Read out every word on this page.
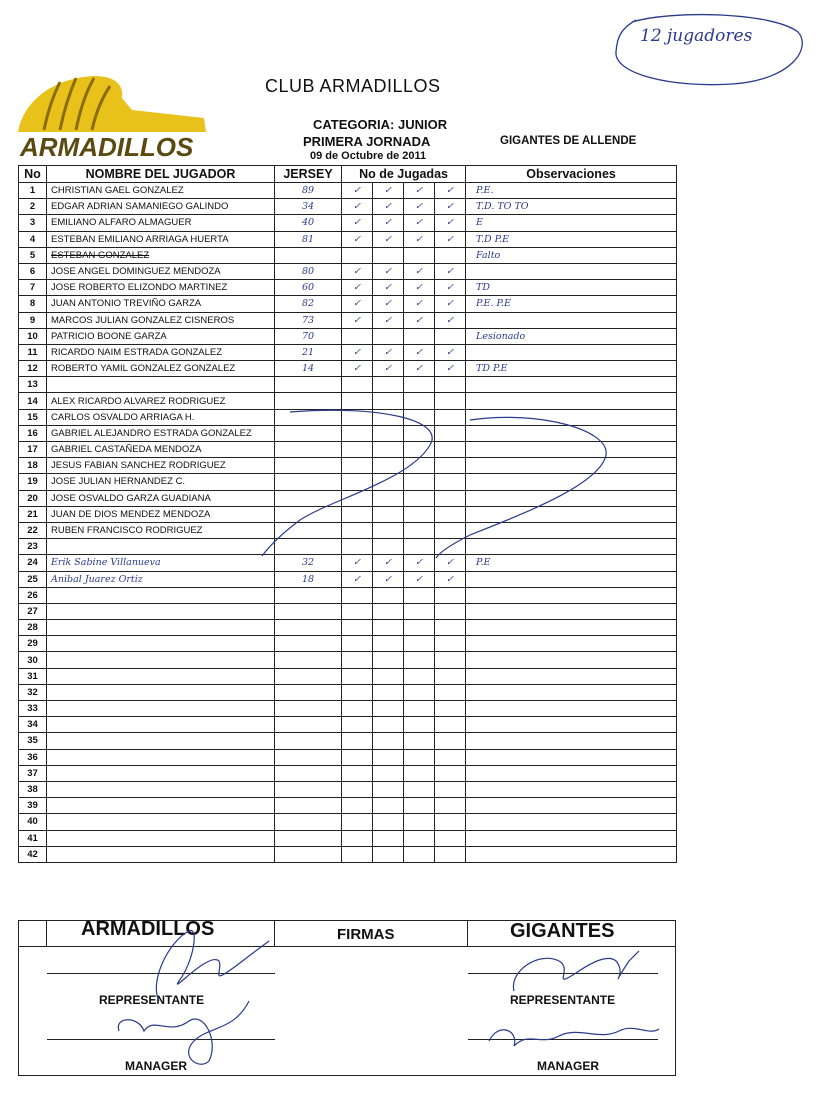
12 jugadores
ARMADILLOS
CLUB ARMADILLOS
CATEGORIA: JUNIOR
PRIMERA JORNADA	GIGANTES DE ALLENDE
09 de Octubre de 2011
No	NOMBRE DEL JUGADOR	JERSEY	No de Jugadas				Observaciones
1	CHRISTIAN GAEL GONZALEZ	89	✓	✓	✓	✓	P.E.
2	EDGAR ADRIAN SAMANIEGO GALINDO	34	✓	✓	✓	✓	T.D. TO TO
3	EMILIANO ALFARO ALMAGUER	40	✓	✓	✓	✓	E
4	ESTEBAN EMILIANO ARRIAGA HUERTA	81	✓	✓	✓	✓	T.D P.E
5	ESTEBAN GONZALEZ						Falto
6	JOSE ANGEL DOMINGUEZ MENDOZA	80	✓	✓	✓	✓	
7	JOSE ROBERTO ELIZONDO MARTINEZ	60	✓	✓	✓	✓	TD
8	JUAN ANTONIO TREVIÑO GARZA	82	✓	✓	✓	✓	P.E. P.E
9	MARCOS JULIAN GONZALEZ CISNEROS	73	✓	✓	✓	✓	
10	PATRICIO BOONE GARZA	70					Lesionado
11	RICARDO NAIM ESTRADA GONZALEZ	21	✓	✓	✓	✓	
12	ROBERTO YAMIL GONZALEZ GONZALEZ	14	✓	✓	✓	✓	TD P.E
13							
14	ALEX RICARDO ALVAREZ RODRIGUEZ						
15	CARLOS OSVALDO ARRIAGA H.						
16	GABRIEL ALEJANDRO ESTRADA GONZALEZ						
17	GABRIEL CASTAÑEDA MENDOZA						
18	JESUS FABIAN SANCHEZ RODRIGUEZ						
19	JOSE JULIAN HERNANDEZ C.						
20	JOSE OSVALDO GARZA GUADIANA						
21	JUAN DE DIOS MENDEZ MENDOZA						
22	RUBEN FRANCISCO RODRIGUEZ						
23							
24	Erik Sabine Villanueva	32	✓	✓	✓	✓	P.E
25	Anibal Juarez Ortiz	18	✓	✓	✓	✓	
26							
27							
28							
29							
30							
31							
32							
33							
34							
35							
36							
37							
38							
39							
40							
41							
42							
ARMADILLOS	FIRMAS	GIGANTES
REPRESENTANTE	REPRESENTANTE
MANAGER	MANAGER
